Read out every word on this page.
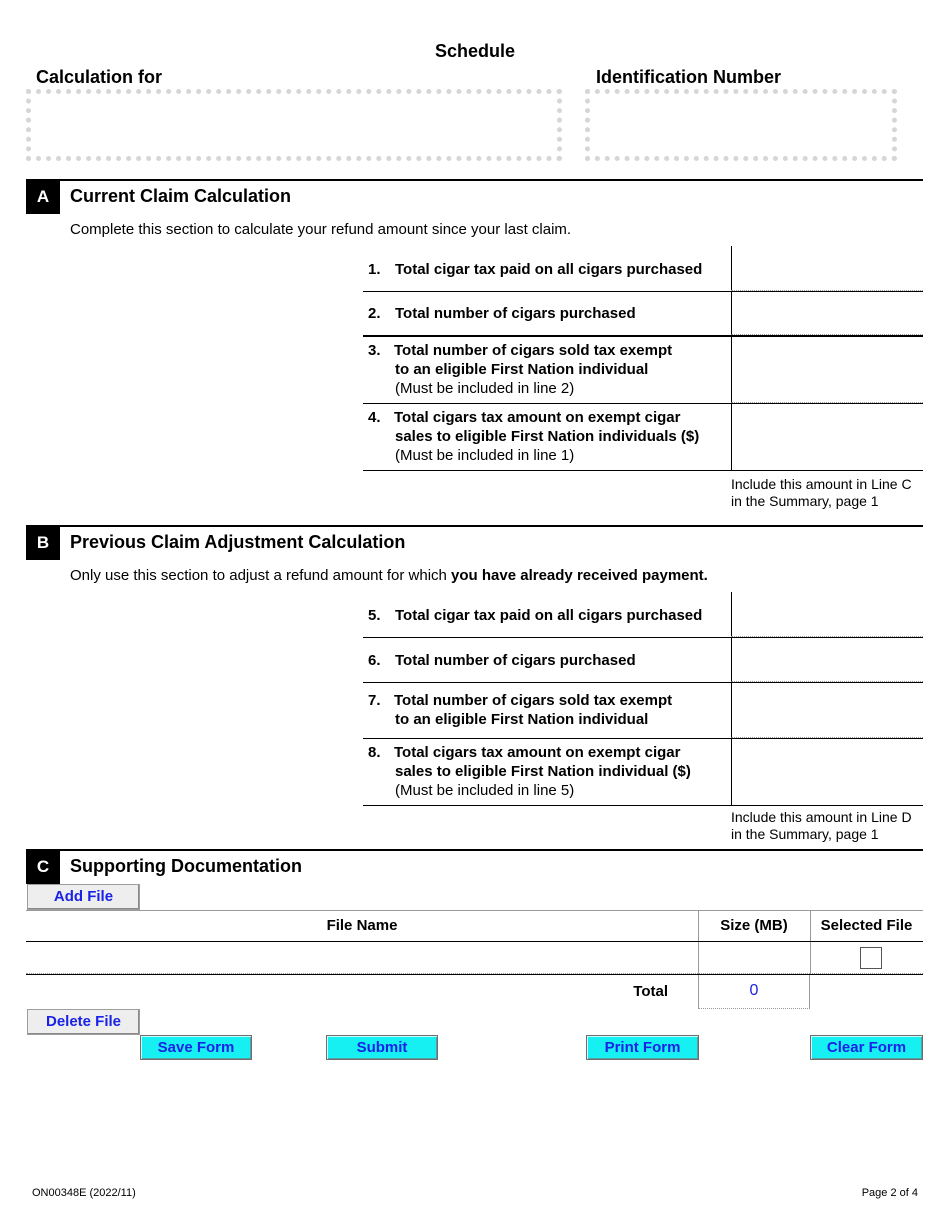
Schedule
Calculation for	Identification Number
A	Current Claim Calculation
Complete this section to calculate your refund amount since your last claim.
1. Total cigar tax paid on all cigars purchased
2. Total number of cigars purchased
3. Total number of cigars sold tax exempt
to an eligible First Nation individual
(Must be included in line 2)
4. Total cigars tax amount on exempt cigar
sales to eligible First Nation individuals ($)
(Must be included in line 1)
Include this amount in Line C
in the Summary, page 1
B	Previous Claim Adjustment Calculation
Only use this section to adjust a refund amount for which you have already received payment.
5. Total cigar tax paid on all cigars purchased
6. Total number of cigars purchased
7. Total number of cigars sold tax exempt
to an eligible First Nation individual
8. Total cigars tax amount on exempt cigar
sales to eligible First Nation individual ($)
(Must be included in line 5)
Include this amount in Line D
in the Summary, page 1
C	Supporting Documentation
Add File
File Name	Size (MB)	Selected File
Total	0
Delete File
Save Form	Submit	Print Form	Clear Form
ON00348E (2022/11)	Page 2 of 4
